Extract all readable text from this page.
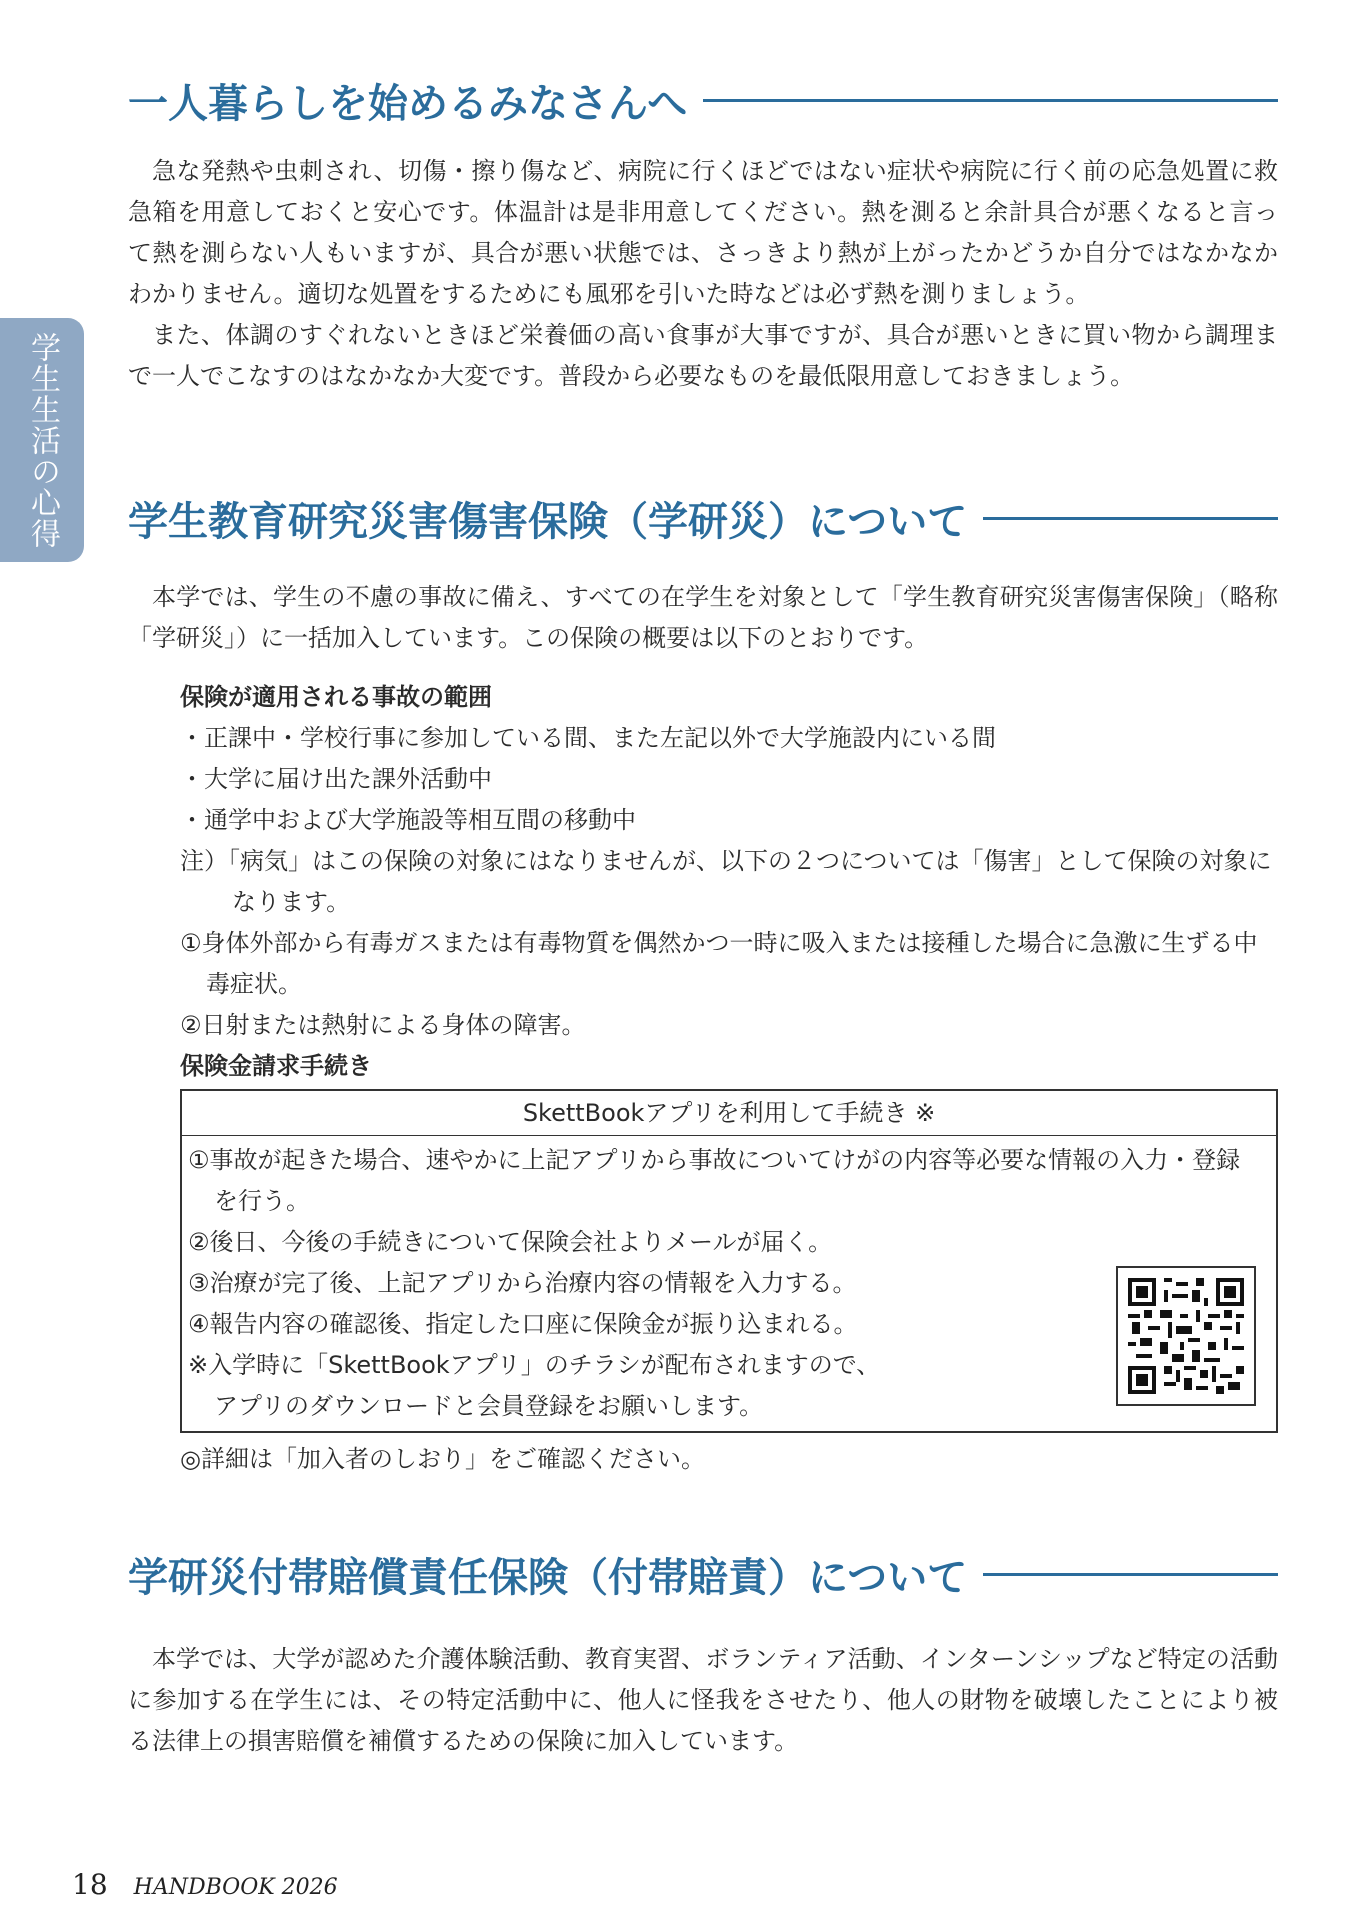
学生生活の心得
一人暮らしを始めるみなさんへ

急な発熱や虫刺され、切傷・擦り傷など、病院に行くほどではない症状や病院に行く前の応急処置に救急箱を用意しておくと安心です。体温計は是非用意してください。熱を測ると余計具合が悪くなると言って熱を測らない人もいますが、具合が悪い状態では、さっきより熱が上がったかどうか自分ではなかなかわかりません。適切な処置をするためにも風邪を引いた時などは必ず熱を測りましょう。

また、体調のすぐれないときほど栄養価の高い食事が大事ですが、具合が悪いときに買い物から調理まで一人でこなすのはなかなか大変です。普段から必要なものを最低限用意しておきましょう。

学生教育研究災害傷害保険（学研災）について

本学では、学生の不慮の事故に備え、すべての在学生を対象として「学生教育研究災害傷害保険」（略称「学研災」）に一括加入しています。この保険の概要は以下のとおりです。

保険が適用される事故の範囲

・正課中・学校行事に参加している間、また左記以外で大学施設内にいる間

・大学に届け出た課外活動中

・通学中および大学施設等相互間の移動中

注）「病気」はこの保険の対象にはなりませんが、以下の２つについては「傷害」として保険の対象になります。

①身体外部から有毒ガスまたは有毒物質を偶然かつ一時に吸入または接種した場合に急激に生ずる中毒症状。

②日射または熱射による身体の障害。

保険金請求手続き

SkettBookアプリを利用して手続き ※

①事故が起きた場合、速やかに上記アプリから事故についてけがの内容等必要な情報の入力・登録を行う。

②後日、今後の手続きについて保険会社よりメールが届く。

③治療が完了後、上記アプリから治療内容の情報を入力する。

④報告内容の確認後、指定した口座に保険金が振り込まれる。

※入学時に「SkettBookアプリ」のチラシが配布されますので、

アプリのダウンロードと会員登録をお願いします。

◎詳細は「加入者のしおり」をご確認ください。

学研災付帯賠償責任保険（付帯賠責）について

本学では、大学が認めた介護体験活動、教育実習、ボランティア活動、インターンシップなど特定の活動に参加する在学生には、その特定活動中に、他人に怪我をさせたり、他人の財物を破壊したことにより被る法律上の損害賠償を補償するための保険に加入しています。

18 HANDBOOK 2026
